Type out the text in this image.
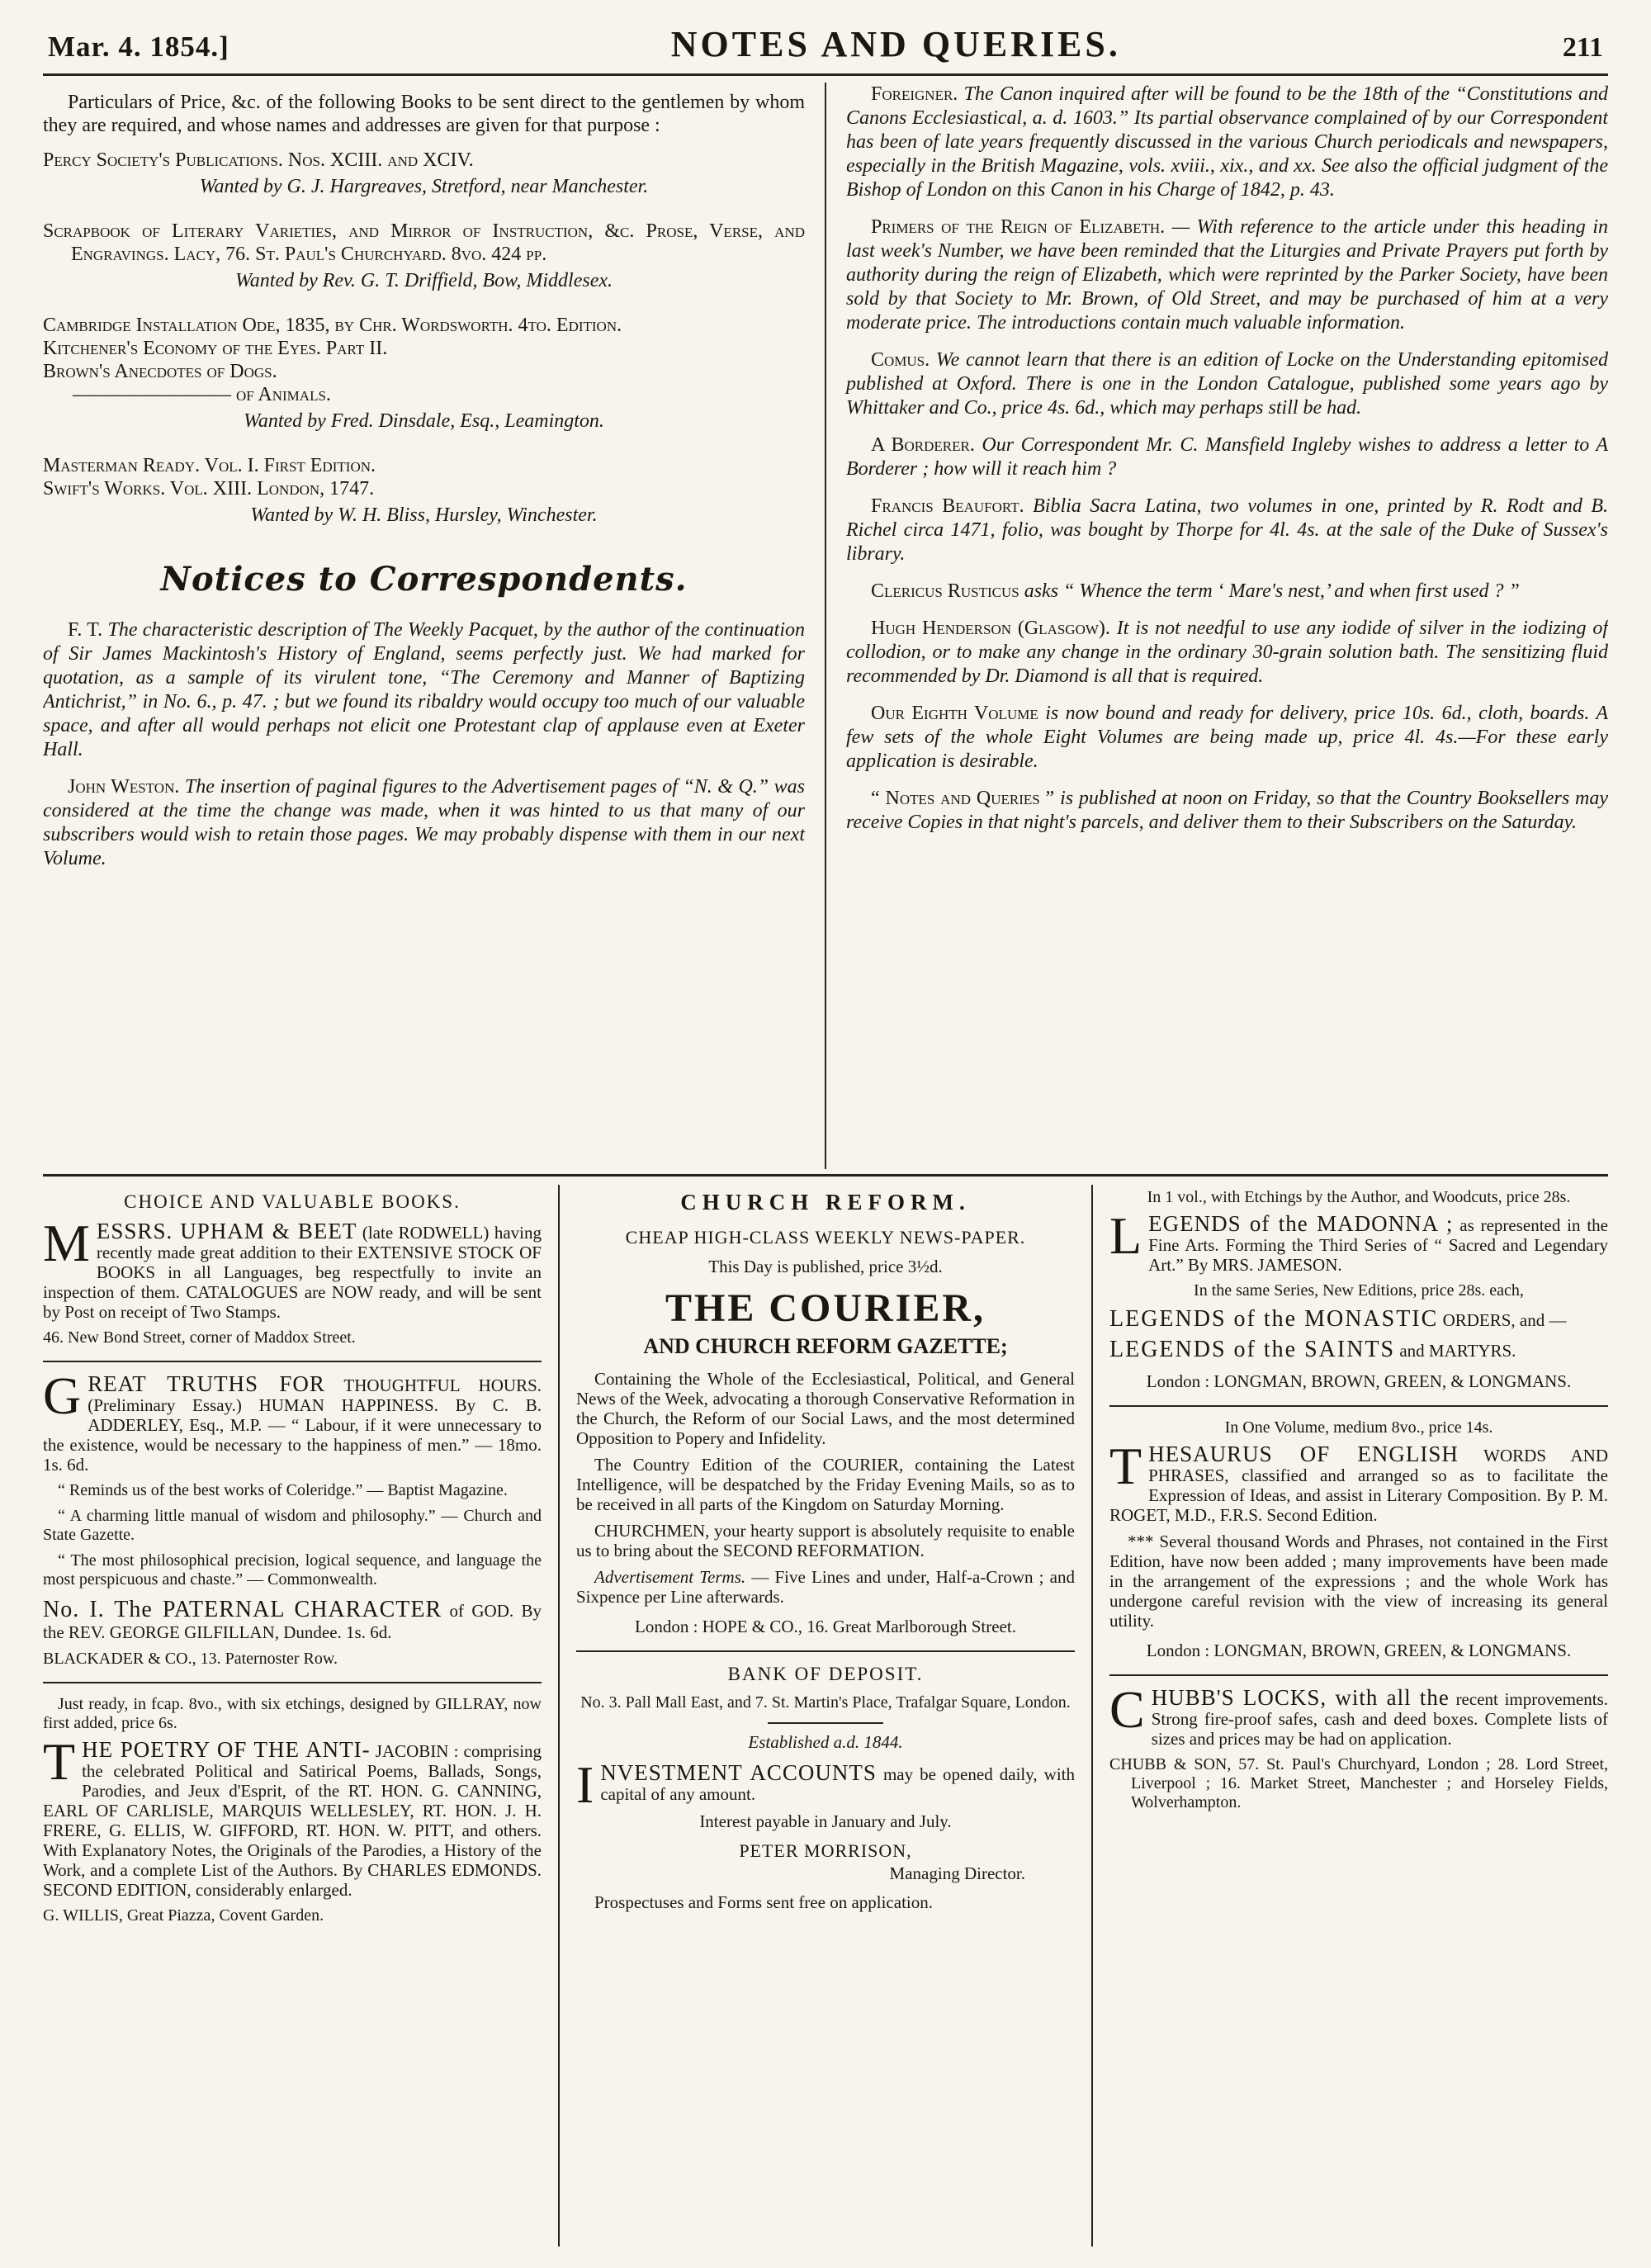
Mar. 4. 1854.]	NOTES AND QUERIES.	211

Particulars of Price, &c. of the following Books to be sent direct to the gentlemen by whom they are required, and whose names and addresses are given for that purpose :

Percy Society's Publications. Nos. XCIII. and XCIV.

Wanted by G. J. Hargreaves, Stretford, near Manchester.

Scrapbook of Literary Varieties, and Mirror of Instruction, &c. Prose, Verse, and Engravings. Lacy, 76. St. Paul's Churchyard. 8vo. 424 pp.

Wanted by Rev. G. T. Driffield, Bow, Middlesex.

Cambridge Installation Ode, 1835, by Chr. Wordsworth. 4to. Edition.

Kitchener's Economy of the Eyes. Part II.

Brown's Anecdotes of Dogs.

———————— of Animals.

Wanted by Fred. Dinsdale, Esq., Leamington.

Masterman Ready. Vol. I. First Edition.

Swift's Works. Vol. XIII. London, 1747.

Wanted by W. H. Bliss, Hursley, Winchester.

Notices to Correspondents.

F. T. The characteristic description of The Weekly Pacquet, by the author of the continuation of Sir James Mackintosh's History of England, seems perfectly just. We had marked for quotation, as a sample of its virulent tone, “The Ceremony and Manner of Baptizing Antichrist,” in No. 6., p. 47. ; but we found its ribaldry would occupy too much of our valuable space, and after all would perhaps not elicit one Protestant clap of applause even at Exeter Hall.

John Weston. The insertion of paginal figures to the Advertisement pages of “N. & Q.” was considered at the time the change was made, when it was hinted to us that many of our subscribers would wish to retain those pages. We may probably dispense with them in our next Volume.

Foreigner. The Canon inquired after will be found to be the 18th of the “Constitutions and Canons Ecclesiastical, a. d. 1603.” Its partial observance complained of by our Correspondent has been of late years frequently discussed in the various Church periodicals and newspapers, especially in the British Magazine, vols. xviii., xix., and xx. See also the official judgment of the Bishop of London on this Canon in his Charge of 1842, p. 43.

Primers of the Reign of Elizabeth. — With reference to the article under this heading in last week's Number, we have been reminded that the Liturgies and Private Prayers put forth by authority during the reign of Elizabeth, which were reprinted by the Parker Society, have been sold by that Society to Mr. Brown, of Old Street, and may be purchased of him at a very moderate price. The introductions contain much valuable information.

Comus. We cannot learn that there is an edition of Locke on the Understanding epitomised published at Oxford. There is one in the London Catalogue, published some years ago by Whittaker and Co., price 4s. 6d., which may perhaps still be had.

A Borderer. Our Correspondent Mr. C. Mansfield Ingleby wishes to address a letter to A Borderer ; how will it reach him ?

Francis Beaufort. Biblia Sacra Latina, two volumes in one, printed by R. Rodt and B. Richel circa 1471, folio, was bought by Thorpe for 4l. 4s. at the sale of the Duke of Sussex's library.

Clericus Rusticus asks “ Whence the term ‘ Mare's nest,’ and when first used ? ”

Hugh Henderson (Glasgow). It is not needful to use any iodide of silver in the iodizing of collodion, or to make any change in the ordinary 30-grain solution bath. The sensitizing fluid recommended by Dr. Diamond is all that is required.

Our Eighth Volume is now bound and ready for delivery, price 10s. 6d., cloth, boards. A few sets of the whole Eight Volumes are being made up, price 4l. 4s.—For these early application is desirable.

“ Notes and Queries ” is published at noon on Friday, so that the Country Booksellers may receive Copies in that night's parcels, and deliver them to their Subscribers on the Saturday.

CHOICE AND VALUABLE BOOKS.

M ESSRS. UPHAM & BEET (late RODWELL) having recently made great addition to their EXTENSIVE STOCK OF BOOKS in all Languages, beg respectfully to invite an inspection of them. CATALOGUES are NOW ready, and will be sent by Post on receipt of Two Stamps.

46. New Bond Street, corner of Maddox Street.

G REAT TRUTHS FOR THOUGHTFUL HOURS. (Preliminary Essay.) HUMAN HAPPINESS. By C. B. ADDERLEY, Esq., M.P. — “ Labour, if it were unnecessary to the existence, would be necessary to the happiness of men.” — 18mo. 1s. 6d.

“ Reminds us of the best works of Coleridge.” — Baptist Magazine.

“ A charming little manual of wisdom and philosophy.” — Church and State Gazette.

“ The most philosophical precision, logical sequence, and language the most perspicuous and chaste.” — Commonwealth.

No. I. The PATERNAL CHARACTER of GOD. By the REV. GEORGE GILFILLAN, Dundee. 1s. 6d.

BLACKADER & CO., 13. Paternoster Row.

Just ready, in fcap. 8vo., with six etchings, designed by GILLRAY, now first added, price 6s.

T HE POETRY OF THE ANTI- JACOBIN : comprising the celebrated Political and Satirical Poems, Ballads, Songs, Parodies, and Jeux d'Esprit, of the RT. HON. G. CANNING, EARL OF CARLISLE, MARQUIS WELLESLEY, RT. HON. J. H. FRERE, G. ELLIS, W. GIFFORD, RT. HON. W. PITT, and others. With Explanatory Notes, the Originals of the Parodies, a History of the Work, and a complete List of the Authors. By CHARLES EDMONDS. SECOND EDITION, considerably enlarged.

G. WILLIS, Great Piazza, Covent Garden.

CHURCH REFORM.

CHEAP HIGH-CLASS WEEKLY NEWS-PAPER.

This Day is published, price 3½d.

THE COURIER,

AND CHURCH REFORM GAZETTE;

Containing the Whole of the Ecclesiastical, Political, and General News of the Week, advocating a thorough Conservative Reformation in the Church, the Reform of our Social Laws, and the most determined Opposition to Popery and Infidelity.

The Country Edition of the COURIER, containing the Latest Intelligence, will be despatched by the Friday Evening Mails, so as to be received in all parts of the Kingdom on Saturday Morning.

CHURCHMEN, your hearty support is absolutely requisite to enable us to bring about the SECOND REFORMATION.

Advertisement Terms. — Five Lines and under, Half-a-Crown ; and Sixpence per Line afterwards.

London : HOPE & CO., 16. Great Marlborough Street.

BANK OF DEPOSIT.

No. 3. Pall Mall East, and 7. St. Martin's Place, Trafalgar Square, London.

Established a.d. 1844.

I NVESTMENT ACCOUNTS may be opened daily, with capital of any amount.

Interest payable in January and July.

PETER MORRISON,

Managing Director.

Prospectuses and Forms sent free on application.

In 1 vol., with Etchings by the Author, and Woodcuts, price 28s.

L EGENDS of the MADONNA ; as represented in the Fine Arts. Forming the Third Series of “ Sacred and Legendary Art.” By MRS. JAMESON.

In the same Series, New Editions, price 28s. each,

LEGENDS of the MONASTIC ORDERS, and —

LEGENDS of the SAINTS and MARTYRS.

London : LONGMAN, BROWN, GREEN, & LONGMANS.

In One Volume, medium 8vo., price 14s.

T HESAURUS OF ENGLISH WORDS AND PHRASES, classified and arranged so as to facilitate the Expression of Ideas, and assist in Literary Composition. By P. M. ROGET, M.D., F.R.S. Second Edition.

*** Several thousand Words and Phrases, not contained in the First Edition, have now been added ; many improvements have been made in the arrangement of the expressions ; and the whole Work has undergone careful revision with the view of increasing its general utility.

London : LONGMAN, BROWN, GREEN, & LONGMANS.

C HUBB'S LOCKS, with all the recent improvements. Strong fire-proof safes, cash and deed boxes. Complete lists of sizes and prices may be had on application.

CHUBB & SON, 57. St. Paul's Churchyard, London ; 28. Lord Street, Liverpool ; 16. Market Street, Manchester ; and Horseley Fields, Wolverhampton.
